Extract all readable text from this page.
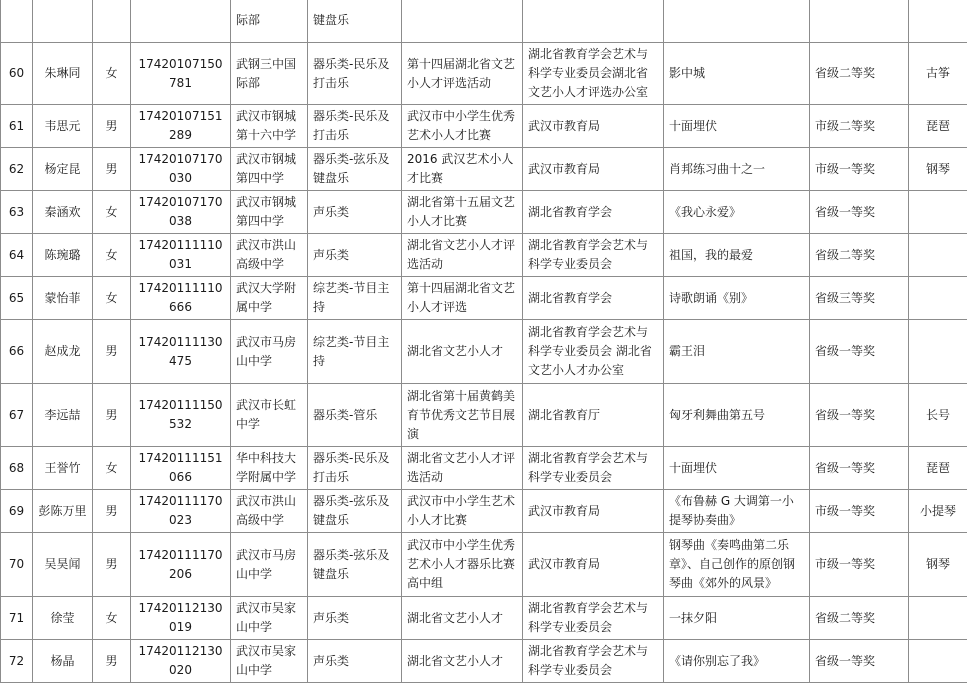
				际部	键盘乐					
60	朱琳同	女	17420107150781	武钢三中国际部	器乐类-民乐及打击乐	第十四届湖北省文艺小人才评选活动	湖北省教育学会艺术与科学专业委员会湖北省文艺小人才评选办公室	影中城	省级二等奖	古筝
61	韦思元	男	17420107151289	武汉市钢城第十六中学	器乐类-民乐及打击乐	武汉市中小学生优秀艺术小人才比赛	武汉市教育局	十面埋伏	市级二等奖	琵琶
62	杨定昆	男	17420107170030	武汉市钢城第四中学	器乐类-弦乐及键盘乐	2016 武汉艺术小人才比赛	武汉市教育局	肖邦练习曲十之一	市级一等奖	钢琴
63	秦涵欢	女	17420107170038	武汉市钢城第四中学	声乐类	湖北省第十五届文艺小人才比赛	湖北省教育学会	《我心永爱》	省级一等奖	
64	陈琬璐	女	17420111110031	武汉市洪山高级中学	声乐类	湖北省文艺小人才评选活动	湖北省教育学会艺术与科学专业委员会	祖国，我的最爱	省级二等奖	
65	蒙怡菲	女	17420111110666	武汉大学附属中学	综艺类-节目主持	第十四届湖北省文艺小人才评选	湖北省教育学会	诗歌朗诵《别》	省级三等奖	
66	赵成龙	男	17420111130475	武汉市马房山中学	综艺类-节目主持	湖北省文艺小人才	湖北省教育学会艺术与科学专业委员会 湖北省文艺小人才办公室	霸王泪	省级一等奖	
67	李远喆	男	17420111150532	武汉市长虹中学	器乐类-管乐	湖北省第十届黄鹤美育节优秀文艺节目展演	湖北省教育厅	匈牙利舞曲第五号	省级一等奖	长号
68	王誉竹	女	17420111151066	华中科技大学附属中学	器乐类-民乐及打击乐	湖北省文艺小人才评选活动	湖北省教育学会艺术与科学专业委员会	十面埋伏	省级一等奖	琵琶
69	彭陈万里	男	17420111170023	武汉市洪山高级中学	器乐类-弦乐及键盘乐	武汉市中小学生艺术小人才比赛	武汉市教育局	《布鲁赫 G 大调第一小提琴协奏曲》	市级一等奖	小提琴
70	吴昊闻	男	17420111170206	武汉市马房山中学	器乐类-弦乐及键盘乐	武汉市中小学生优秀艺术小人才器乐比赛高中组	武汉市教育局	钢琴曲《奏鸣曲第二乐章》、自己创作的原创钢琴曲《郊外的风景》	市级一等奖	钢琴
71	徐莹	女	17420112130019	武汉市吴家山中学	声乐类	湖北省文艺小人才	湖北省教育学会艺术与科学专业委员会	一抹夕阳	省级二等奖	
72	杨晶	男	17420112130020	武汉市吴家山中学	声乐类	湖北省文艺小人才	湖北省教育学会艺术与科学专业委员会	《请你别忘了我》	省级一等奖	
